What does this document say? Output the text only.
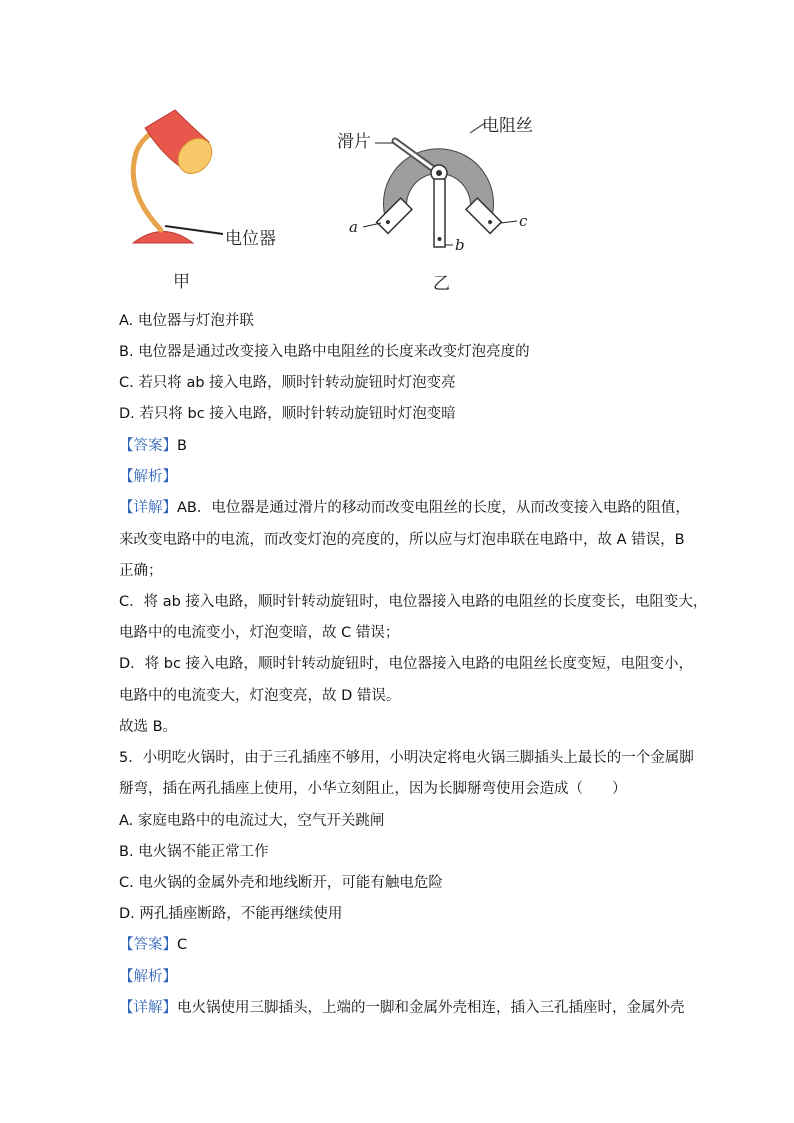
电位器
甲
滑片
电阻丝
a
b
c
乙
A. 电位器与灯泡并联
B. 电位器是通过改变接入电路中电阻丝的长度来改变灯泡亮度的
C. 若只将 ab 接入电路，顺时针转动旋钮时灯泡变亮
D. 若只将 bc 接入电路，顺时针转动旋钮时灯泡变暗
【答案】B
【解析】
【详解】AB．电位器是通过滑片的移动而改变电阻丝的长度，从而改变接入电路的阻值，
来改变电路中的电流，而改变灯泡的亮度的，所以应与灯泡串联在电路中，故 A 错误，B
正确；
C．将 ab 接入电路，顺时针转动旋钮时，电位器接入电路的电阻丝的长度变长，电阻变大，
电路中的电流变小，灯泡变暗，故 C 错误；
D．将 bc 接入电路，顺时针转动旋钮时，电位器接入电路的电阻丝长度变短，电阻变小，
电路中的电流变大，灯泡变亮，故 D 错误。
故选 B。
5．小明吃火锅时，由于三孔插座不够用，小明决定将电火锅三脚插头上最长的一个金属脚
掰弯，插在两孔插座上使用，小华立刻阻止，因为长脚掰弯使用会造成（　　）
A. 家庭电路中的电流过大，空气开关跳闸
B. 电火锅不能正常工作
C. 电火锅的金属外壳和地线断开，可能有触电危险
D. 两孔插座断路，不能再继续使用
【答案】C
【解析】
【详解】电火锅使用三脚插头，上端的一脚和金属外壳相连，插入三孔插座时，金属外壳
